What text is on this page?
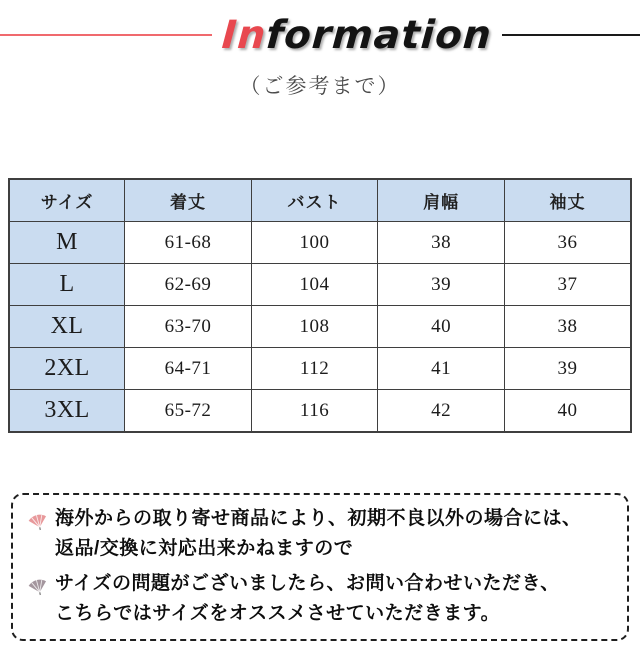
Information

（ご参考まで）

サイズ	着丈	バスト	肩幅	袖丈
M	61-68	100	38	36
L	62-69	104	39	37
XL	63-70	108	40	38
2XL	64-71	112	41	39
3XL	65-72	116	42	40

海外からの取り寄せ商品により、初期不良以外の場合には、
返品/交換に対応出来かねますので

サイズの問題がございましたら、お問い合わせいただき、
こちらではサイズをオススメさせていただきます。
